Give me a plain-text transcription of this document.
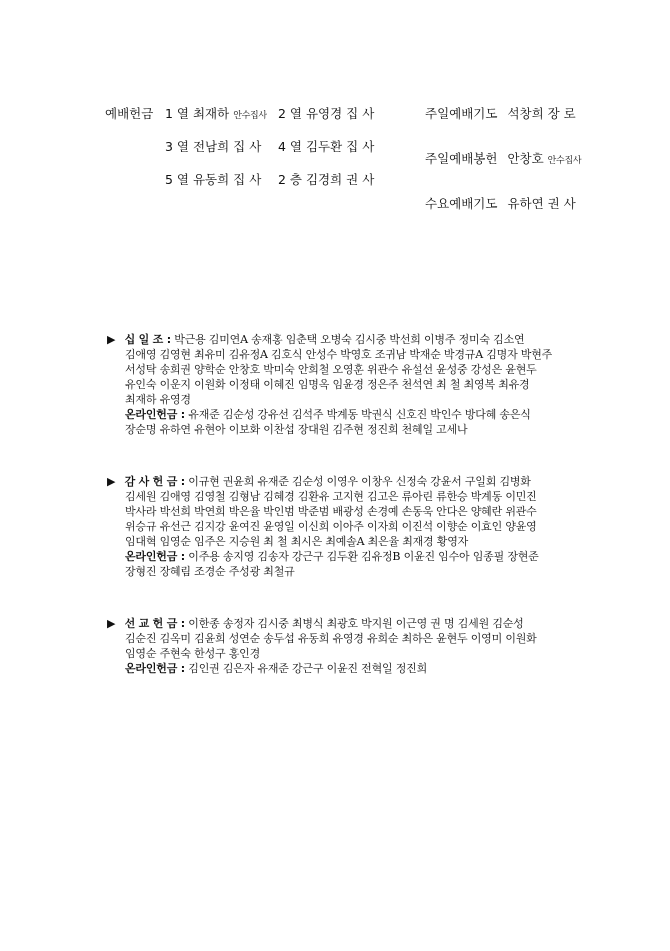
예배헌금 1 열 최재하 안수집사 2 열 유영경 집 사
3 열 전남희 집 사 4 열 김두환 집 사
5 열 유동희 집 사 2 층 김경희 권 사
주일예배기도 석창희 장 로
주일예배봉헌 안창호 안수집사
수요예배기도 유하연 권 사
▶ 십 일 조 : 박근용 김미연A 송재홍 임춘택 오병숙 김시중 박선희 이병주 정미숙 김소연
김애영 김영현 최유미 김유정A 김호식 안성수 박영호 조귀남 박재순 박경규A 김명자 박현주
서성탁 송희권 양학순 안창호 박미숙 안희철 오영훈 위관수 유설선 윤성중 강성은 윤현두
유인숙 이운지 이원화 이정태 이혜진 임명옥 임윤경 정은주 천석연 최 철 최영복 최유경
최재하 유영경
온라인헌금 : 유재준 김순성 강유선 김석주 박계동 박권식 신호진 박인수 방다혜 송은식
장순명 유하연 유현아 이보화 이찬섭 장대원 김주현 정진희 천혜일 고세나
▶ 감 사 헌 금 : 이규현 권윤희 유재준 김순성 이영우 이창우 신정숙 강윤서 구일회 김병화
김세원 김애영 김영철 김형남 김혜경 김환유 고지현 김고은 류아린 류한승 박계동 이민진
박사라 박선희 박연희 박은율 박인범 박준범 배광성 손경예 손동욱 안다은 양혜란 위관수
위승규 유선근 김지강 윤여진 윤영일 이신희 이아주 이자희 이진석 이향순 이효인 양윤영
임대혁 임영순 임주은 지승원 최 철 최시은 최예솔A 최은율 최재경 황영자
온라인헌금 : 이주용 송지영 김송자 강근구 김두환 김유정B 이윤진 임수아 임종필 장현준
장형진 장혜림 조경순 주성광 최철규
▶ 선 교 헌 금 : 이한종 송정자 김시중 최병식 최광호 박지원 이근영 권 명 김세원 김순성
김순진 김옥미 김윤희 성연순 송두섭 유동희 유영경 유희순 최하은 윤현두 이영미 이원화
임영순 주현숙 한성구 홍인경
온라인헌금 : 김인권 김은자 유재준 강근구 이윤진 전혁일 정진희
